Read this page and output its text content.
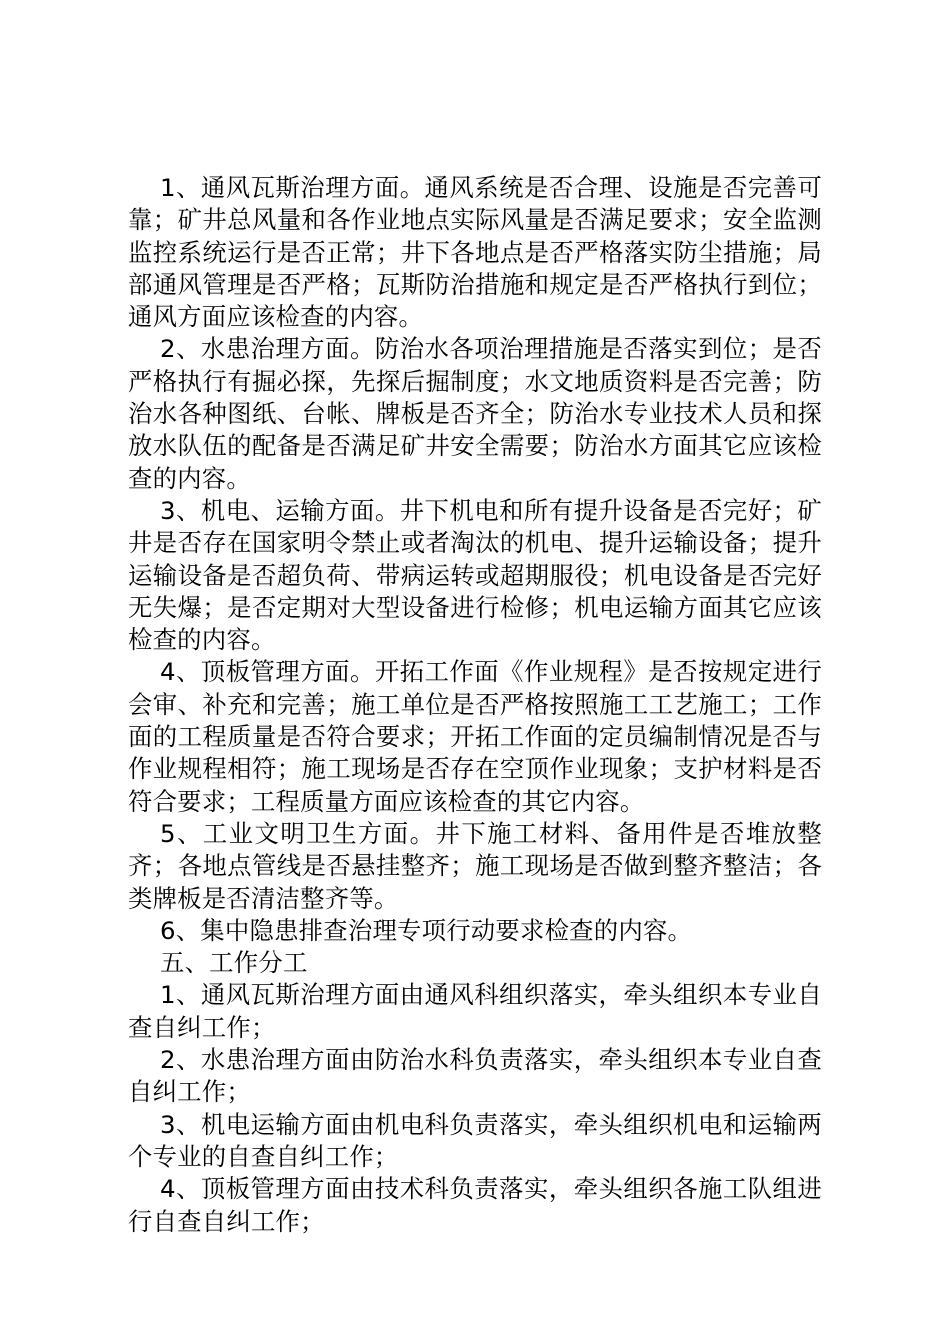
1、通风瓦斯治理方面。通风系统是否合理、设施是否完善可靠；矿井总风量和各作业地点实际风量是否满足要求；安全监测监控系统运行是否正常；井下各地点是否严格落实防尘措施；局部通风管理是否严格；瓦斯防治措施和规定是否严格执行到位；通风方面应该检查的内容。

2、水患治理方面。防治水各项治理措施是否落实到位；是否严格执行有掘必探，先探后掘制度；水文地质资料是否完善；防治水各种图纸、台帐、牌板是否齐全；防治水专业技术人员和探放水队伍的配备是否满足矿井安全需要；防治水方面其它应该检查的内容。

3、机电、运输方面。井下机电和所有提升设备是否完好；矿井是否存在国家明令禁止或者淘汰的机电、提升运输设备；提升运输设备是否超负荷、带病运转或超期服役；机电设备是否完好无失爆；是否定期对大型设备进行检修；机电运输方面其它应该检查的内容。

4、顶板管理方面。开拓工作面《作业规程》是否按规定进行会审、补充和完善；施工单位是否严格按照施工工艺施工；工作面的工程质量是否符合要求；开拓工作面的定员编制情况是否与作业规程相符；施工现场是否存在空顶作业现象；支护材料是否符合要求；工程质量方面应该检查的其它内容。

5、工业文明卫生方面。井下施工材料、备用件是否堆放整齐；各地点管线是否悬挂整齐；施工现场是否做到整齐整洁；各类牌板是否清洁整齐等。

6、集中隐患排查治理专项行动要求检查的内容。

五、工作分工

1、通风瓦斯治理方面由通风科组织落实，牵头组织本专业自查自纠工作；

2、水患治理方面由防治水科负责落实，牵头组织本专业自查自纠工作；

3、机电运输方面由机电科负责落实，牵头组织机电和运输两个专业的自查自纠工作；

4、顶板管理方面由技术科负责落实，牵头组织各施工队组进行自查自纠工作；
